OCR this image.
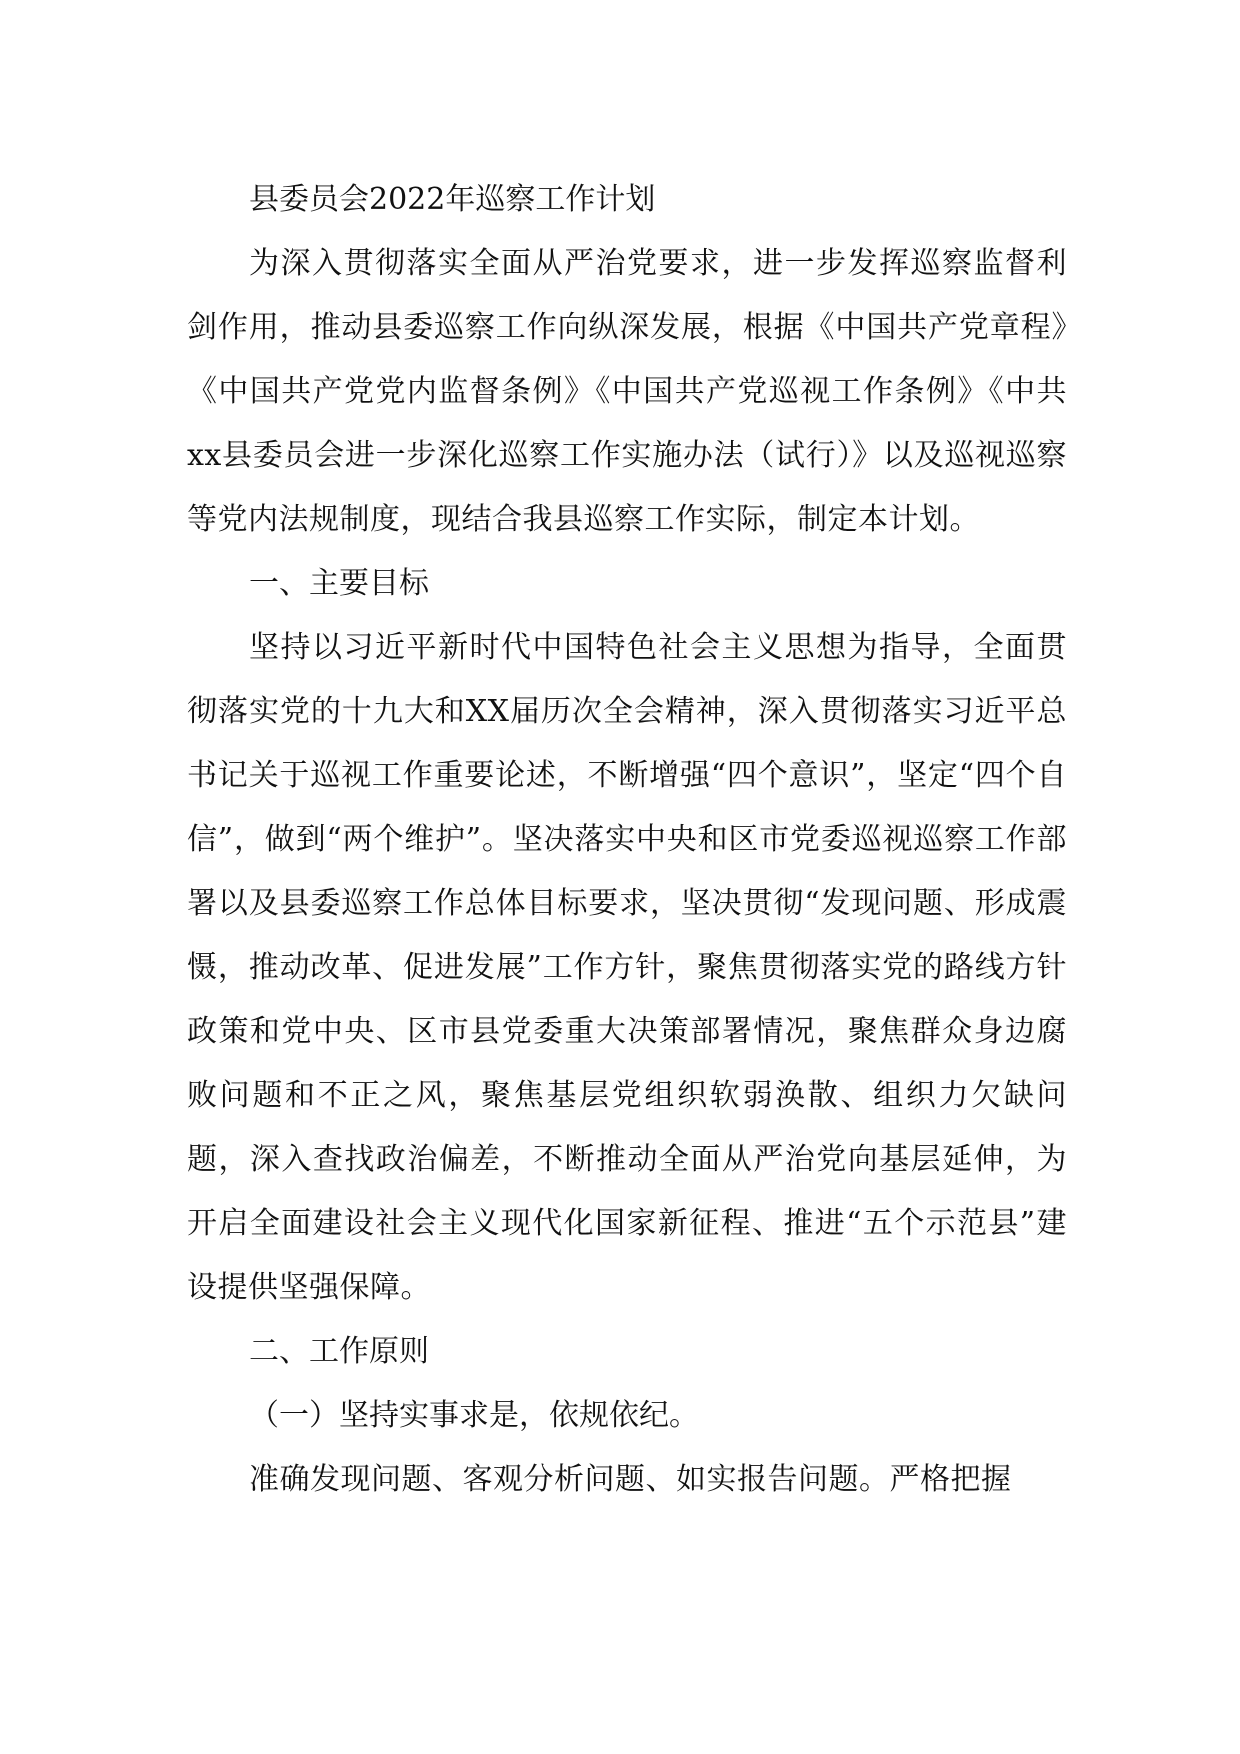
县委员会2022年巡察工作计划

为深入贯彻落实全面从严治党要求，进一步发挥巡察监督利剑作用，推动县委巡察工作向纵深发展，根据《中国共产党章程》《中国共产党党内监督条例》《中国共产党巡视工作条例》《中共xx县委员会进一步深化巡察工作实施办法（试行）》以及巡视巡察等党内法规制度，现结合我县巡察工作实际，制定本计划。

一、主要目标

坚持以习近平新时代中国特色社会主义思想为指导，全面贯彻落实党的十九大和XX届历次全会精神，深入贯彻落实习近平总书记关于巡视工作重要论述，不断增强“四个意识”，坚定“四个自信”，做到“两个维护”。坚决落实中央和区市党委巡视巡察工作部署以及县委巡察工作总体目标要求，坚决贯彻“发现问题、形成震慑，推动改革、促进发展”工作方针，聚焦贯彻落实党的路线方针政策和党中央、区市县党委重大决策部署情况，聚焦群众身边腐败问题和不正之风，聚焦基层党组织软弱涣散、组织力欠缺问题，深入查找政治偏差，不断推动全面从严治党向基层延伸，为开启全面建设社会主义现代化国家新征程、推进“五个示范县”建设提供坚强保障。

二、工作原则

（一）坚持实事求是，依规依纪。

准确发现问题、客观分析问题、如实报告问题。严格把握
